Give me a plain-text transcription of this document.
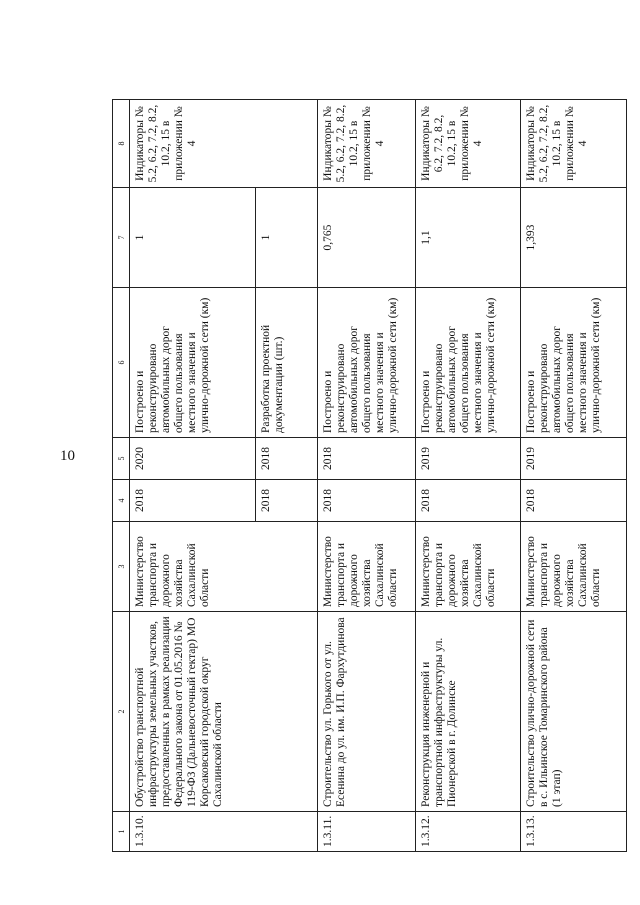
10
1	2	3	4	5	6	7	8
1.3.10.	Обустройство транспортной инфраструктуры земельных участков, предоставленных в рамках реализации Федерального закона от 01.05.2016 № 119-ФЗ (Дальневосточный гектар) МО Корсаковский городской округ Сахалинской области	Министерство транспорта и дорожного хозяйства Сахалинской области	2018	2020	Построено и реконструировано автомобильных дорог общего пользования местного значения и улично-дорожной сети (км)	1	Индикаторы № 5.2, 6.2, 7.2, 8.2, 10.2, 15 в приложении № 4
			2018	2018	Разработка проектной документации (шт.)	1	
1.3.11.	Строительство ул. Горького от ул. Есенина до ул. им. И.П. Фархутдинова	Министерство транспорта и дорожного хозяйства Сахалинской области	2018	2018	Построено и реконструировано автомобильных дорог общего пользования местного значения и улично-дорожной сети (км)	0,765	Индикаторы № 5.2, 6.2, 7.2, 8.2, 10.2, 15 в приложении № 4
1.3.12.	Реконструкция инженерной и транспортной инфраструктуры ул. Пионерской в г. Долинске	Министерство транспорта и дорожного хозяйства Сахалинской области	2018	2019	Построено и реконструировано автомобильных дорог общего пользования местного значения и улично-дорожной сети (км)	1,1	Индикаторы № 6.2, 7.2, 8.2, 10.2, 15 в приложении № 4
1.3.13.	Строительство улично-дорожной сети в с. Ильинское Томаринского района (1 этап)	Министерство транспорта и дорожного хозяйства Сахалинской области	2018	2019	Построено и реконструировано автомобильных дорог общего пользования местного значения и улично-дорожной сети (км)	1,393	Индикаторы № 5.2, 6.2, 7.2, 8.2, 10.2, 15 в приложении № 4
